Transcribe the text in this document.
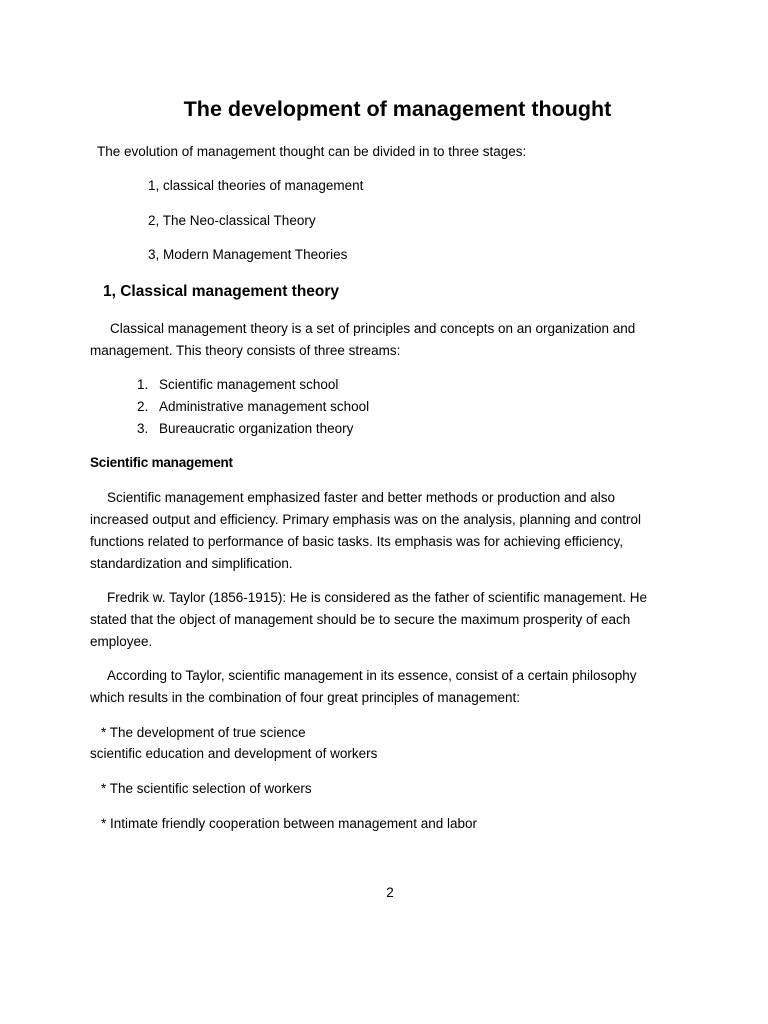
The development of management thought
The evolution of management thought can be divided in to three stages:
1, classical theories of management
2, The Neo-classical Theory
3, Modern Management Theories
1, Classical management theory
Classical management theory is a set of principles and concepts on an organization and
management. This theory consists of three streams:
1. Scientific management school
2. Administrative management school
3. Bureaucratic organization theory
Scientific management
Scientific management emphasized faster and better methods or production and also
increased output and efficiency. Primary emphasis was on the analysis, planning and control
functions related to performance of basic tasks. Its emphasis was for achieving efficiency,
standardization and simplification.
Fredrik w. Taylor (1856-1915): He is considered as the father of scientific management. He
stated that the object of management should be to secure the maximum prosperity of each
employee.
According to Taylor, scientific management in its essence, consist of a certain philosophy
which results in the combination of four great principles of management:
* The development of true science
scientific education and development of workers
* The scientific selection of workers
* Intimate friendly cooperation between management and labor
2
